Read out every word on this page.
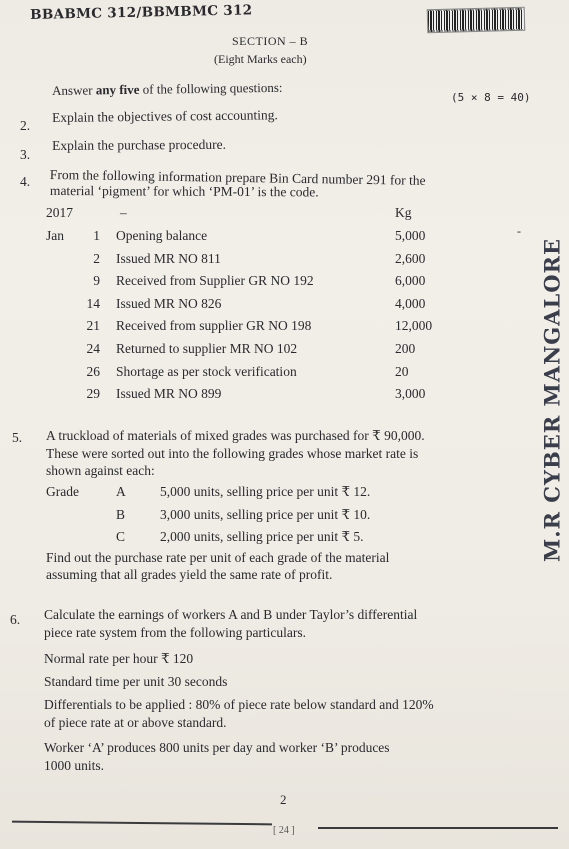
BBABMC 312/BBMBMC 312
SECTION – B
(Eight Marks each)
Answer any five of the following questions:
(5 × 8 = 40)
2.
Explain the objectives of cost accounting.
3.
Explain the purchase procedure.
4. From the following information prepare Bin Card number 291 for the
material ‘pigment’ for which ‘PM-01’ is the code.
2017	–	Kg
Jan	1 Opening balance	5,000
2 Issued MR NO 811	2,600
9 Received from Supplier GR NO 192	6,000
14 Issued MR NO 826	4,000
21 Received from supplier GR NO 198	12,000
24 Returned to supplier MR NO 102	200
26 Shortage as per stock verification	20
29 Issued MR NO 899	3,000
-
5.
6.
2
[ 24 ]
M.R CYBER MANGALORE
A truckload of materials of mixed grades was purchased for ₹ 90,000.
These were sorted out into the following grades whose market rate is
shown against each:
Grade	A	5,000 units, selling price per unit ₹ 12.
B	3,000 units, selling price per unit ₹ 10.
C	2,000 units, selling price per unit ₹ 5.
Find out the purchase rate per unit of each grade of the material
assuming that all grades yield the same rate of profit.
Calculate the earnings of workers A and B under Taylor’s differential
piece rate system from the following particulars.
Normal rate per hour ₹ 120
Standard time per unit 30 seconds
Differentials to be applied : 80% of piece rate below standard and 120%
of piece rate at or above standard.
Worker ‘A’ produces 800 units per day and worker ‘B’ produces
1000 units.
